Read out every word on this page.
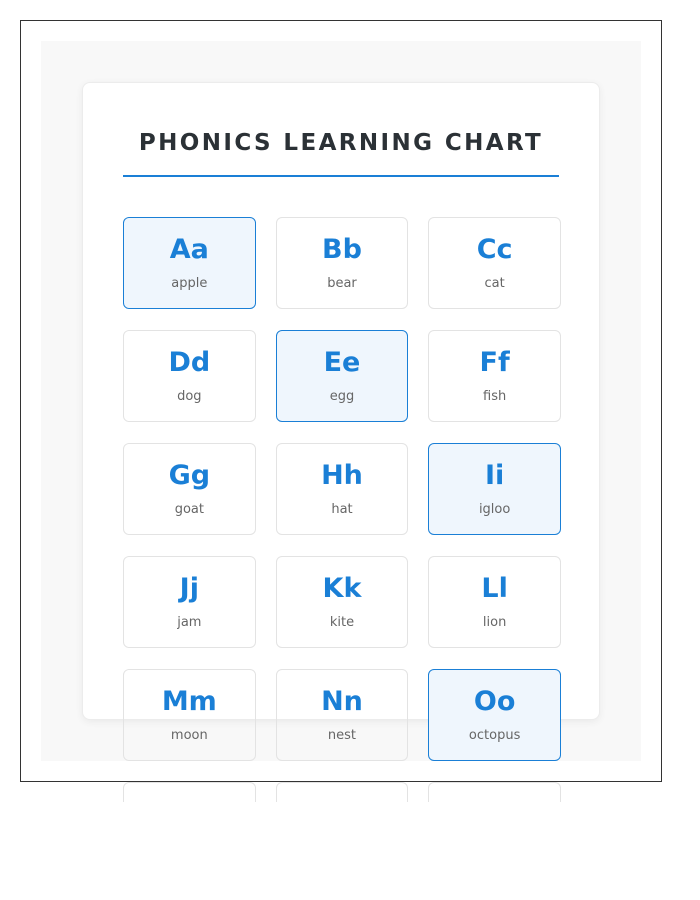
PHONICS LEARNING CHART
Aa
apple
Bb
bear
Cc
cat
Dd
dog
Ee
egg
Ff
fish
Gg
goat
Hh
hat
Ii
igloo
Jj
jam
Kk
kite
Ll
lion
Mm
moon
Nn
nest
Oo
octopus
